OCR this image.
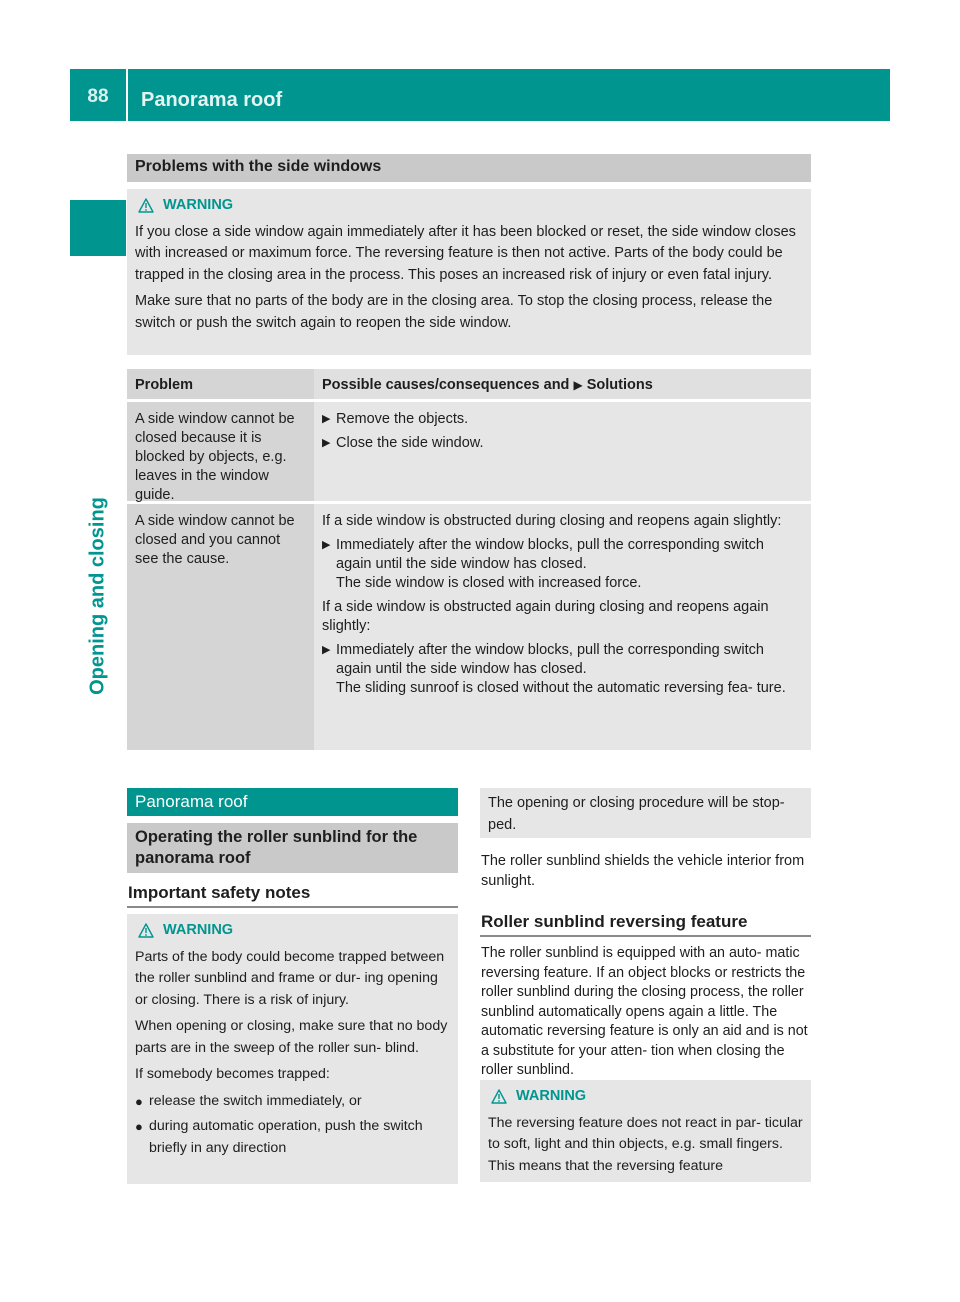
88	Panorama roof
Opening and closing
Problems with the side windows
WARNING

If you close a side window again immediately after it has been blocked or reset, the side window closes with increased or maximum force. The reversing feature is then not active. Parts of the body could be trapped in the closing area in the process. This poses an increased risk of injury or even fatal injury.

Make sure that no parts of the body are in the closing area. To stop the closing process, release the switch or push the switch again to reopen the side window.

Problem	Possible causes/consequences and ▶ Solutions
A side window cannot be closed because it is blocked by objects, e.g. leaves in the window guide.
▶ Remove the objects.
▶ Close the side window.
A side window cannot be closed and you cannot see the cause.

If a side window is obstructed during closing and reopens again slightly:

▶ Immediately after the window blocks, pull the corresponding switch again until the side window has closed.
The side window is closed with increased force.

If a side window is obstructed again during closing and reopens again slightly:

▶ Immediately after the window blocks, pull the corresponding switch again until the side window has closed.
The sliding sunroof is closed without the automatic reversing fea- ture.
Panorama roof
Operating the roller sunblind for the panorama roof
Important safety notes
WARNING

Parts of the body could become trapped between the roller sunblind and frame or dur- ing opening or closing. There is a risk of injury.

When opening or closing, make sure that no body parts are in the sweep of the roller sun- blind.

If somebody becomes trapped:

● release the switch immediately, or
● during automatic operation, push the switch briefly in any direction
The opening or closing procedure will be stop- ped.
The roller sunblind shields the vehicle interior from sunlight.
Roller sunblind reversing feature
The roller sunblind is equipped with an auto- matic reversing feature. If an object blocks or restricts the roller sunblind during the closing process, the roller sunblind automatically opens again a little. The automatic reversing feature is only an aid and is not a substitute for your atten- tion when closing the roller sunblind.
WARNING

The reversing feature does not react in par- ticular to soft, light and thin objects, e.g. small fingers. This means that the reversing feature
